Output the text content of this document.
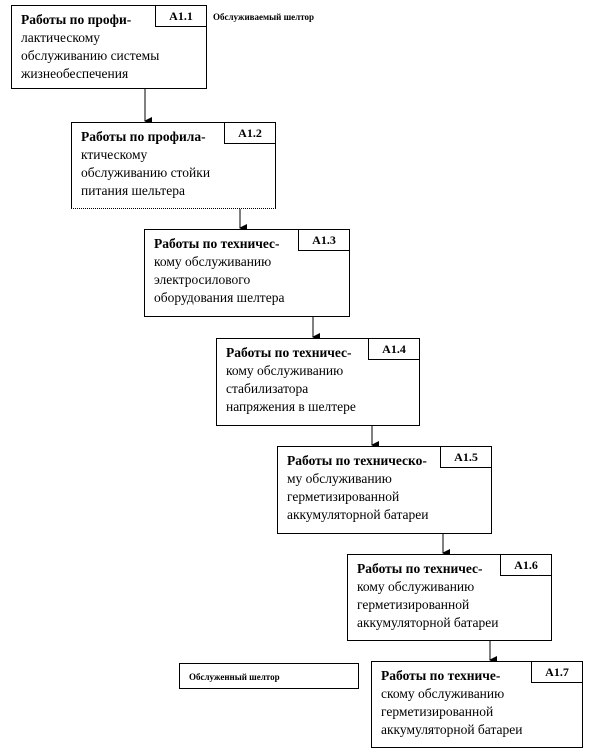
Обслуживаемый шелтор
A1.1
Работы по профи-
лактическому
обслуживанию системы
жизнеобеспечения
A1.2
Работы по профила-
ктическому
обслуживанию стойки
питания шельтера
A1.3
Работы по техничес-
кому обслуживанию
электросилового
оборудования шелтера
A1.4
Работы по техничес-
кому обслуживанию
стабилизатора
напряжения в шелтере
A1.5
Работы по техническо-
му обслуживанию
герметизированной
аккумуляторной батареи
A1.6
Работы по техничес-
кому обслуживанию
герметизированной
аккумуляторной батареи
Обслуженный шелтор	A1.7
Работы по техниче-
скому обслуживанию
герметизированной
аккумуляторной батареи
